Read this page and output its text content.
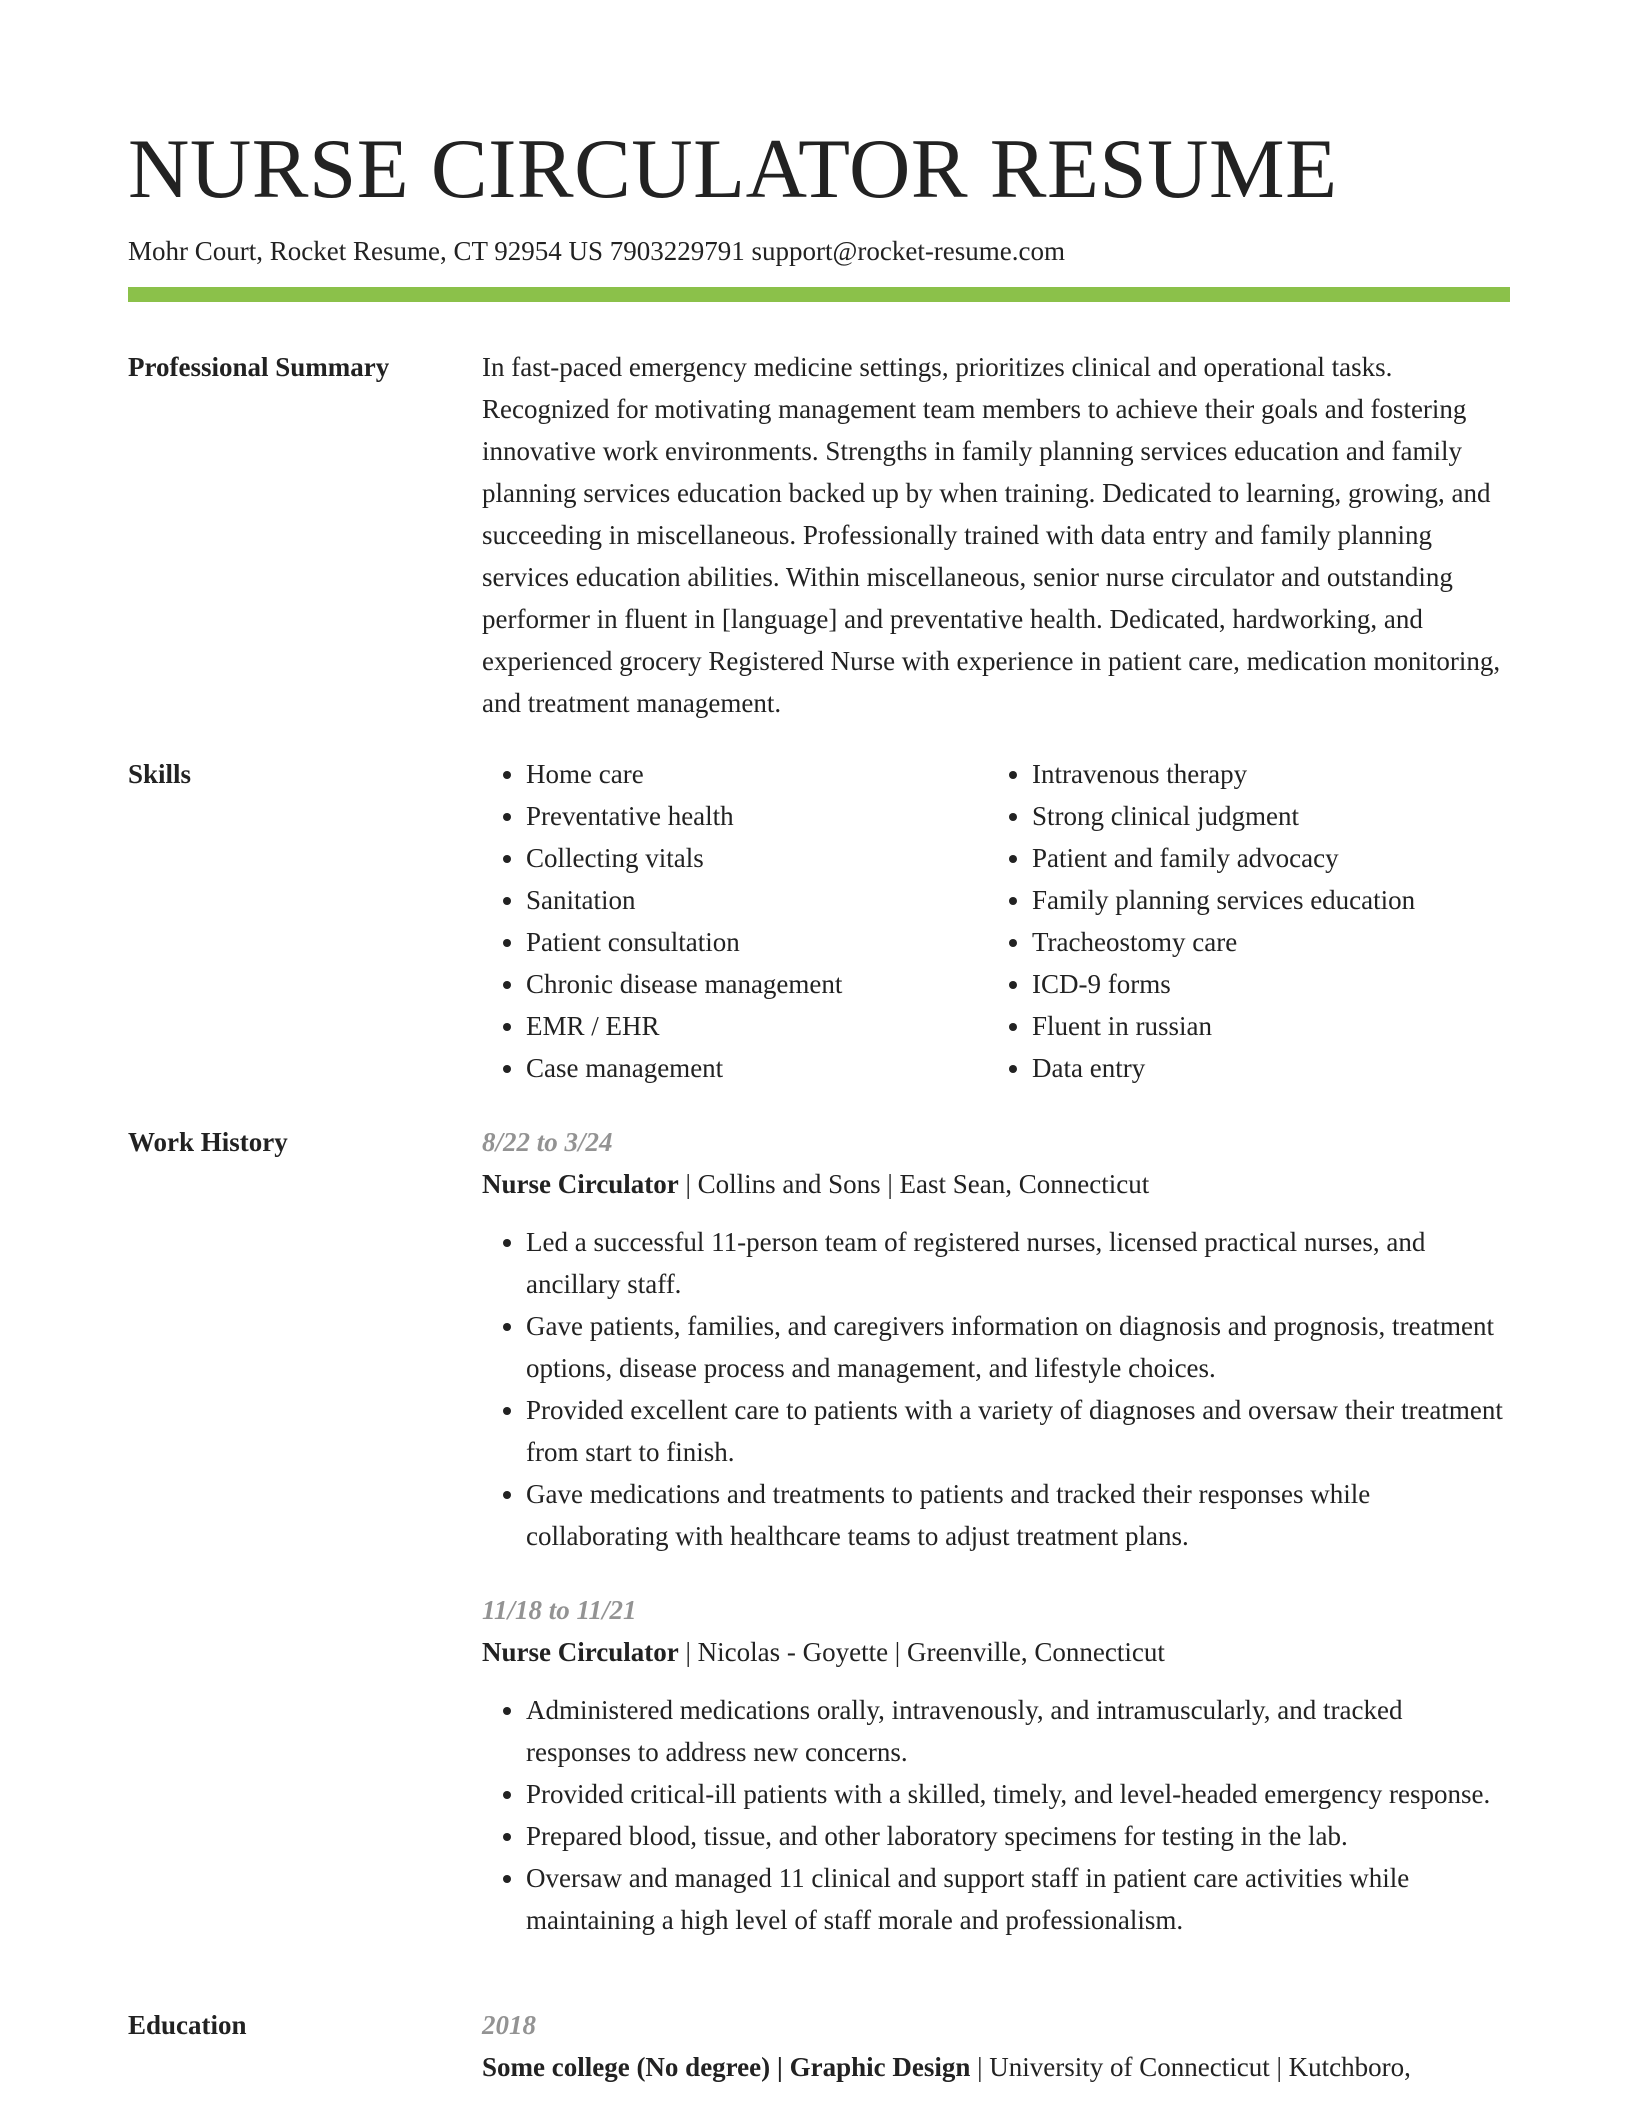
NURSE CIRCULATOR RESUME
Mohr Court, Rocket Resume, CT 92954 US 7903229791 support@rocket-resume.com
Professional Summary	In fast-paced emergency medicine settings, prioritizes clinical and operational tasks. Recognized for motivating management team members to achieve their goals and fostering innovative work environments. Strengths in family planning services education and family planning services education backed up by when training. Dedicated to learning, growing, and succeeding in miscellaneous. Professionally trained with data entry and family planning services education abilities. Within miscellaneous, senior nurse circulator and outstanding performer in fluent in [language] and preventative health. Dedicated, hardworking, and experienced grocery Registered Nurse with experience in patient care, medication monitoring, and treatment management.

Skills
•	Home care
• Preventative health
• Collecting vitals
• Sanitation
• Patient consultation
• Chronic disease management
• EMR / EHR
• Case management
• Intravenous therapy
• Strong clinical judgment
• Patient and family advocacy
• Family planning services education
• Tracheostomy care
• ICD-9 forms
• Fluent in russian
• Data entry
Work History	8/22 to 3/24
Nurse Circulator | Collins and Sons | East Sean, Connecticut
• Led a successful 11-person team of registered nurses, licensed practical nurses, and ancillary staff.
• Gave patients, families, and caregivers information on diagnosis and prognosis, treatment options, disease process and management, and lifestyle choices.
• Provided excellent care to patients with a variety of diagnoses and oversaw their treatment from start to finish.
• Gave medications and treatments to patients and tracked their responses while collaborating with healthcare teams to adjust treatment plans.
11/18 to 11/21
Nurse Circulator | Nicolas - Goyette | Greenville, Connecticut
• Administered medications orally, intravenously, and intramuscularly, and tracked responses to address new concerns.
• Provided critical-ill patients with a skilled, timely, and level-headed emergency response.
• Prepared blood, tissue, and other laboratory specimens for testing in the lab.
• Oversaw and managed 11 clinical and support staff in patient care activities while maintaining a high level of staff morale and professionalism.
Education	2018
Some college (No degree) | Graphic Design | University of Connecticut | Kutchboro,
